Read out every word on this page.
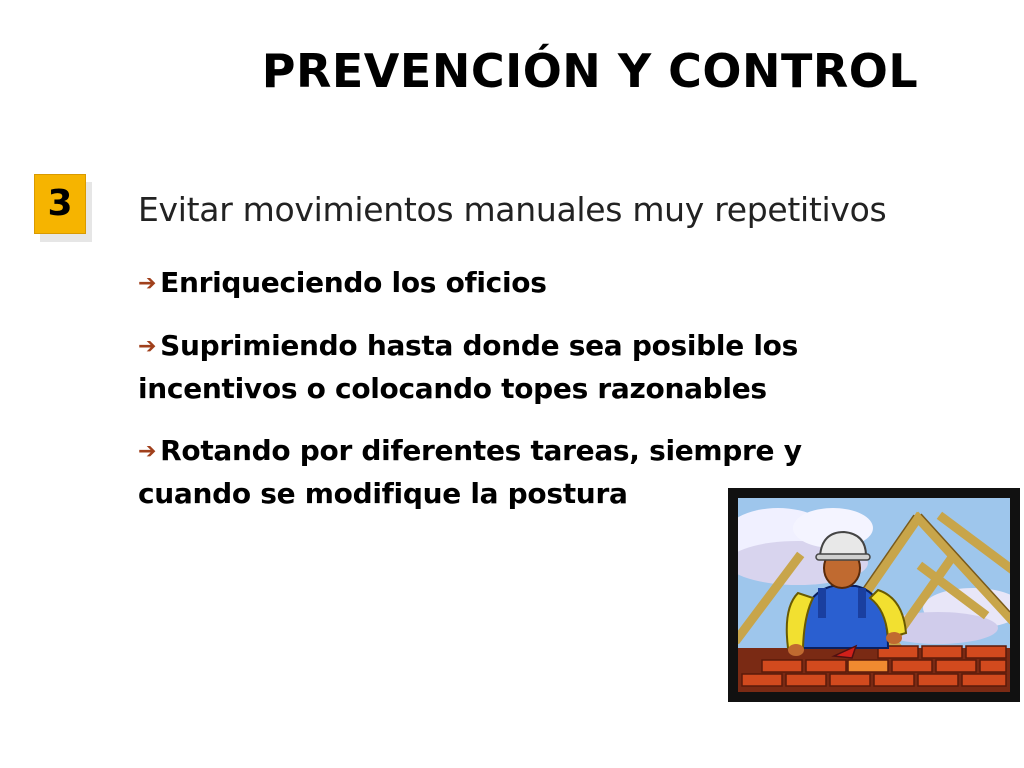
PREVENCIÓN Y CONTROL
3	Evitar movimientos manuales muy repetitivos
➔ Enriqueciendo los oficios
➔ Suprimiendo hasta donde sea posible los incentivos o colocando topes razonables
➔ Rotando por diferentes tareas, siempre y cuando se modifique la postura
